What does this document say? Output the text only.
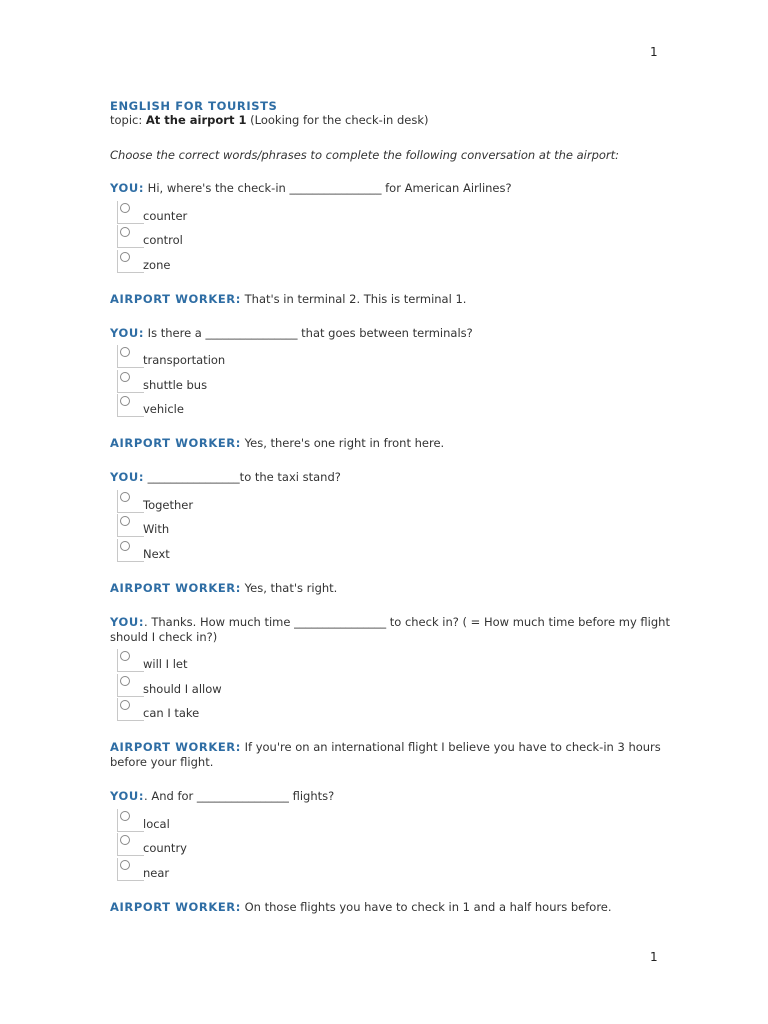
1
ENGLISH FOR TOURISTS
topic: At the airport 1 (Looking for the check-in desk)
Choose the correct words/phrases to complete the following conversation at the airport:
YOU: Hi, where's the check-in ________________ for American Airlines?
counter
control
zone
AIRPORT WORKER: That's in terminal 2. This is terminal 1.
YOU: Is there a ________________ that goes between terminals?
transportation
shuttle bus
vehicle
AIRPORT WORKER: Yes, there's one right in front here.
YOU: ________________to the taxi stand?
Together
With
Next
AIRPORT WORKER: Yes, that's right.
YOU:. Thanks. How much time ________________ to check in? ( = How much time before my flight should I check in?)
will I let
should I allow
can I take
AIRPORT WORKER: If you're on an international flight I believe you have to check-in 3 hours before your flight.
YOU:. And for ________________ flights?
local
country
near
AIRPORT WORKER: On those flights you have to check in 1 and a half hours before.
1
